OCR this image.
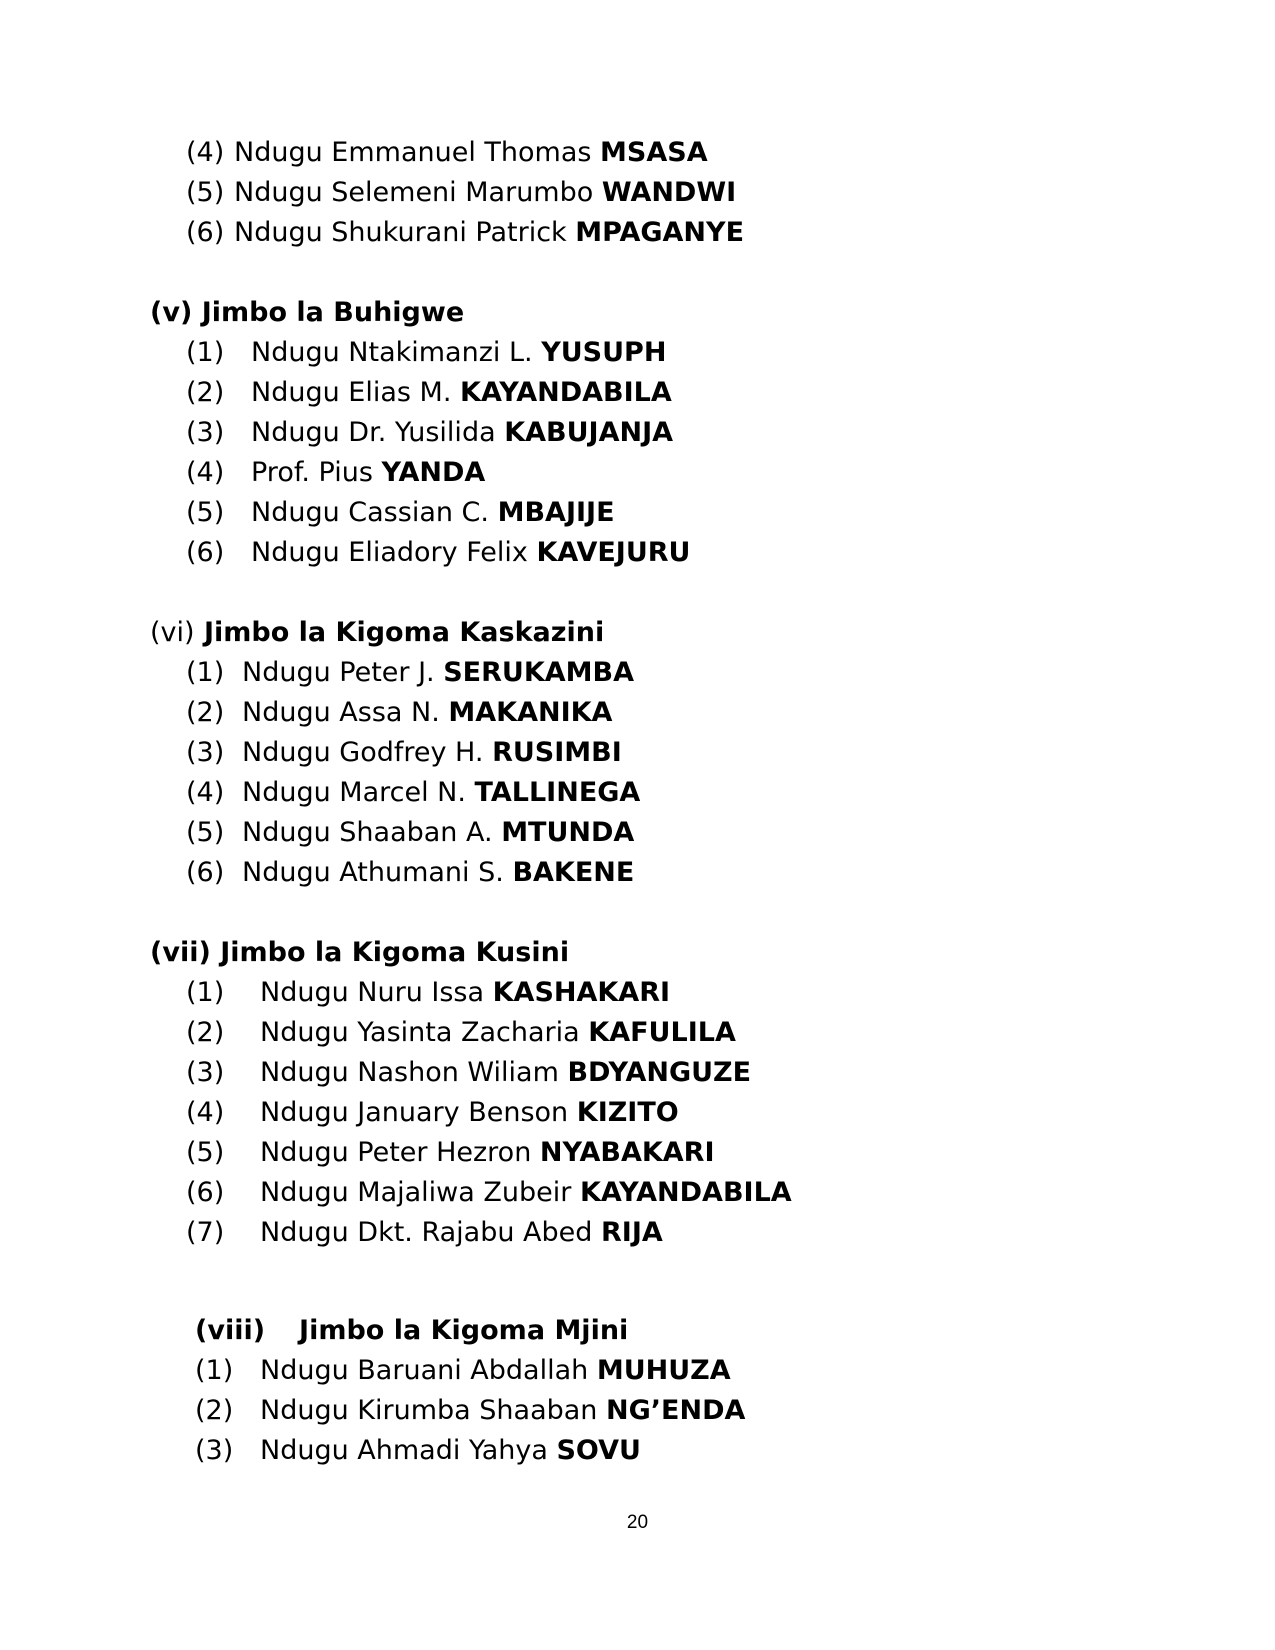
(4) Ndugu Emmanuel Thomas MSASA
(5) Ndugu Selemeni Marumbo WANDWI
(6) Ndugu Shukurani Patrick MPAGANYE
(v) Jimbo la Buhigwe
(1) Ndugu Ntakimanzi L. YUSUPH
(2) Ndugu Elias M. KAYANDABILA
(3) Ndugu Dr. Yusilida KABUJANJA
(4) Prof. Pius YANDA
(5) Ndugu Cassian C. MBAJIJE
(6) Ndugu Eliadory Felix KAVEJURU
(vi) Jimbo la Kigoma Kaskazini
(1) Ndugu Peter J. SERUKAMBA
(2) Ndugu Assa N. MAKANIKA
(3) Ndugu Godfrey H. RUSIMBI
(4) Ndugu Marcel N. TALLINEGA
(5) Ndugu Shaaban A. MTUNDA
(6) Ndugu Athumani S. BAKENE
(vii) Jimbo la Kigoma Kusini
(1) Ndugu Nuru Issa KASHAKARI
(2) Ndugu Yasinta Zacharia KAFULILA
(3) Ndugu Nashon Wiliam BDYANGUZE
(4) Ndugu January Benson KIZITO
(5) Ndugu Peter Hezron NYABAKARI
(6) Ndugu Majaliwa Zubeir KAYANDABILA
(7) Ndugu Dkt. Rajabu Abed RIJA
(viii) Jimbo la Kigoma Mjini
(1) Ndugu Baruani Abdallah MUHUZA
(2) Ndugu Kirumba Shaaban NG’ENDA
(3) Ndugu Ahmadi Yahya SOVU
20
